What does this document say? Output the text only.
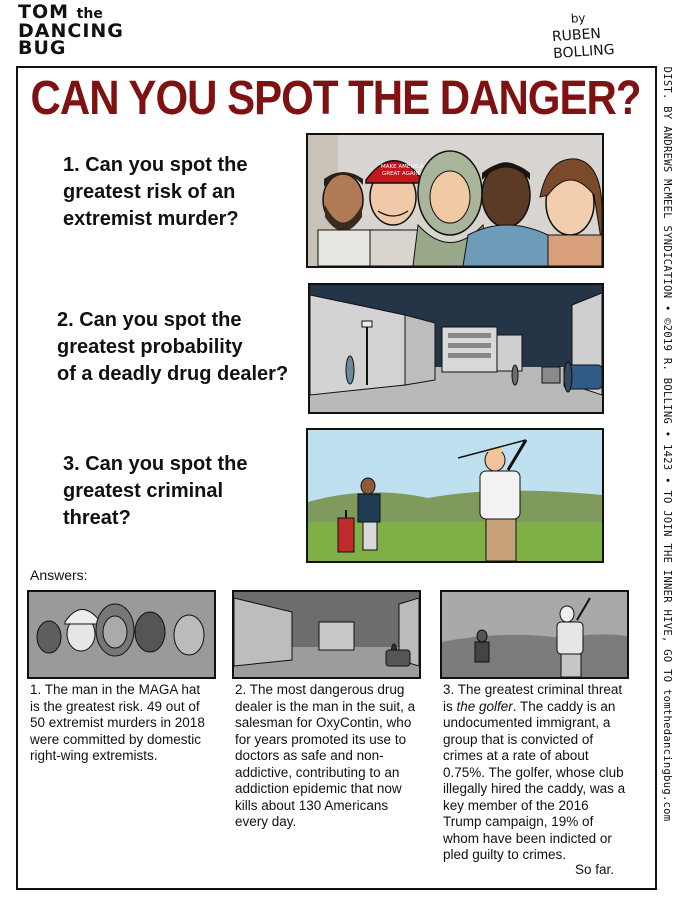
TOM the
DANCING
BUG
by
RUBEN
BOLLING
CAN YOU SPOT THE DANGER?	DIST. BY ANDREWS McMEEL SYNDICATION • ©2019 R. BOLLING • 1423 • TO JOIN THE INNER HIVE, GO TO tomthedancingbug.com
1. Can you spot the
greatest risk of an
extremist murder?
MAKE AMERICA
GREAT AGAIN
2. Can you spot the
greatest probability
of a deadly drug dealer?
3. Can you spot the
greatest criminal
threat?
Answers:
1. The man in the MAGA hat is the greatest risk. 49 out of 50 extremist murders in 2018 were committed by domestic right-wing extremists.
2. The most dangerous drug dealer is the man in the suit, a salesman for OxyContin, who for years promoted its use to doctors as safe and non-addictive, contributing to an addiction epidemic that now kills about 130 Americans every day.
3. The greatest criminal threat is the golfer. The caddy is an undocumented immigrant, a group that is convicted of crimes at a rate of about 0.75%. The golfer, whose club illegally hired the caddy, was a key member of the 2016 Trump campaign, 19% of whom have been indicted or pled guilty to crimes.
So far.
